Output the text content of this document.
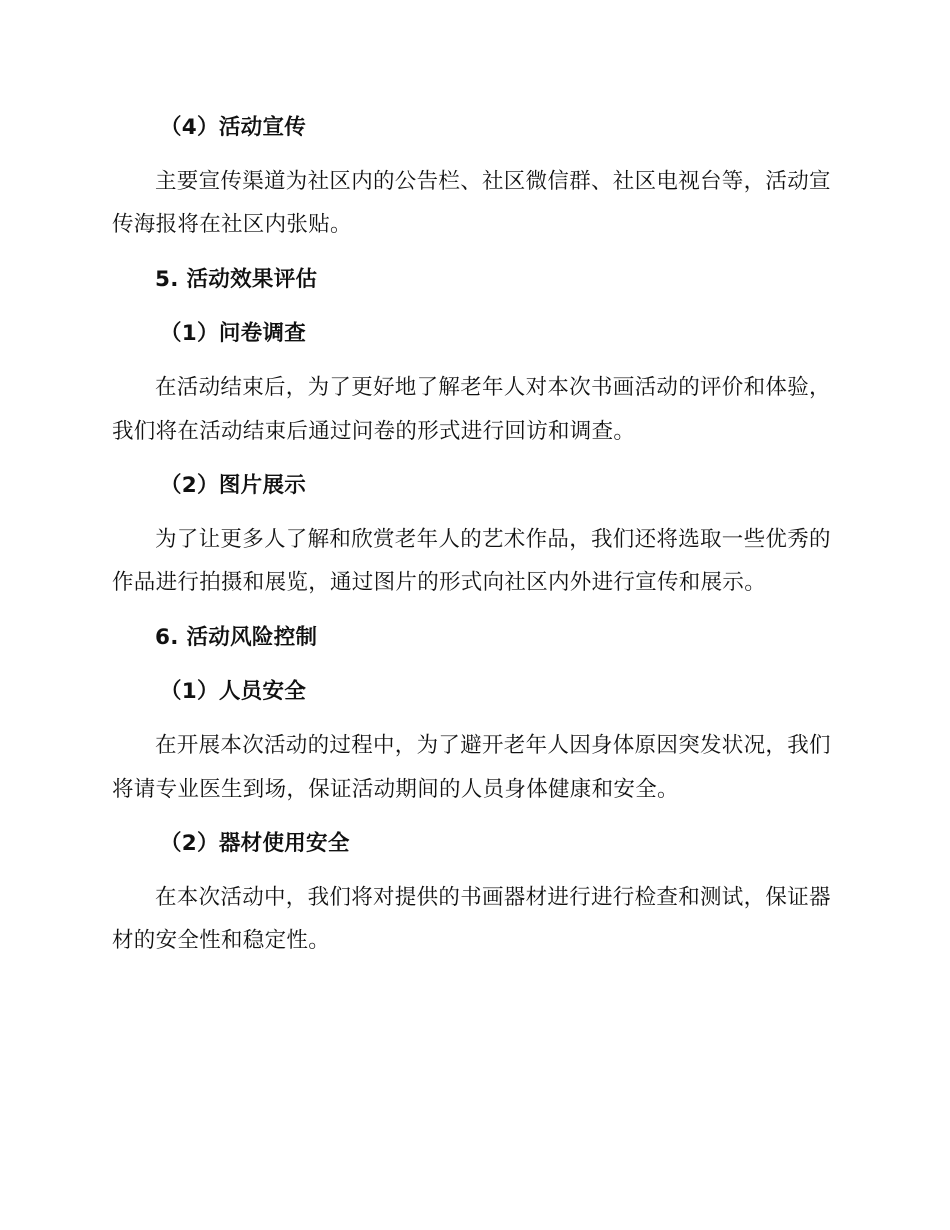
（4）活动宣传
主要宣传渠道为社区内的公告栏、社区微信群、社区电视台等，活动宣
传海报将在社区内张贴。
5. 活动效果评估
（1）问卷调查
在活动结束后，为了更好地了解老年人对本次书画活动的评价和体验，
我们将在活动结束后通过问卷的形式进行回访和调查。
（2）图片展示
为了让更多人了解和欣赏老年人的艺术作品，我们还将选取一些优秀的
作品进行拍摄和展览，通过图片的形式向社区内外进行宣传和展示。
6. 活动风险控制
（1）人员安全
在开展本次活动的过程中，为了避开老年人因身体原因突发状况，我们
将请专业医生到场，保证活动期间的人员身体健康和安全。
（2）器材使用安全
在本次活动中，我们将对提供的书画器材进行进行检查和测试，保证器
材的安全性和稳定性。
